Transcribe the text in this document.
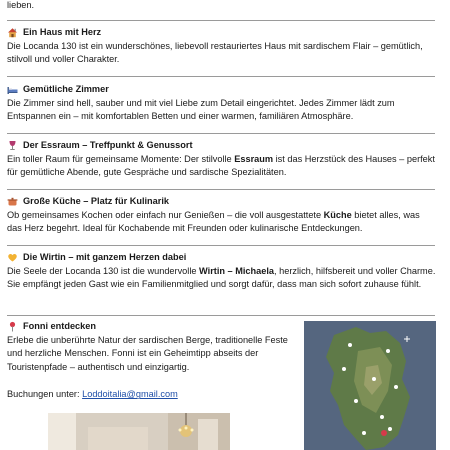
lieben.
Ein Haus mit Herz

Die Locanda 130 ist ein wunderschönes, liebevoll restauriertes Haus mit sardischem Flair – gemütlich, stilvoll und voller Charakter.

Gemütliche Zimmer

Die Zimmer sind hell, sauber und mit viel Liebe zum Detail eingerichtet. Jedes Zimmer lädt zum Entspannen ein – mit komfortablen Betten und einer warmen, familiären Atmosphäre.

Der Essraum – Treffpunkt & Genussort

Ein toller Raum für gemeinsame Momente: Der stilvolle Essraum ist das Herzstück des Hauses – perfekt für gemütliche Abende, gute Gespräche und sardische Spezialitäten.

Große Küche – Platz für Kulinarik

Ob gemeinsames Kochen oder einfach nur Genießen – die voll ausgestattete Küche bietet alles, was das Herz begehrt. Ideal für Kochabende mit Freunden oder kulinarische Entdeckungen.

Die Wirtin – mit ganzem Herzen dabei

Die Seele der Locanda 130 ist die wundervolle Wirtin – Michaela, herzlich, hilfsbereit und voller Charme. Sie empfängt jeden Gast wie ein Familienmitglied und sorgt dafür, dass man sich sofort zuhause fühlt.

Fonni entdecken

Erlebe die unberührte Natur der sardischen Berge, traditionelle Feste und herzliche Menschen. Fonni ist ein Geheimtipp abseits der Touristenpfade – authentisch und einzigartig.

Buchungen unter: Loddoitalia@gmail.com
